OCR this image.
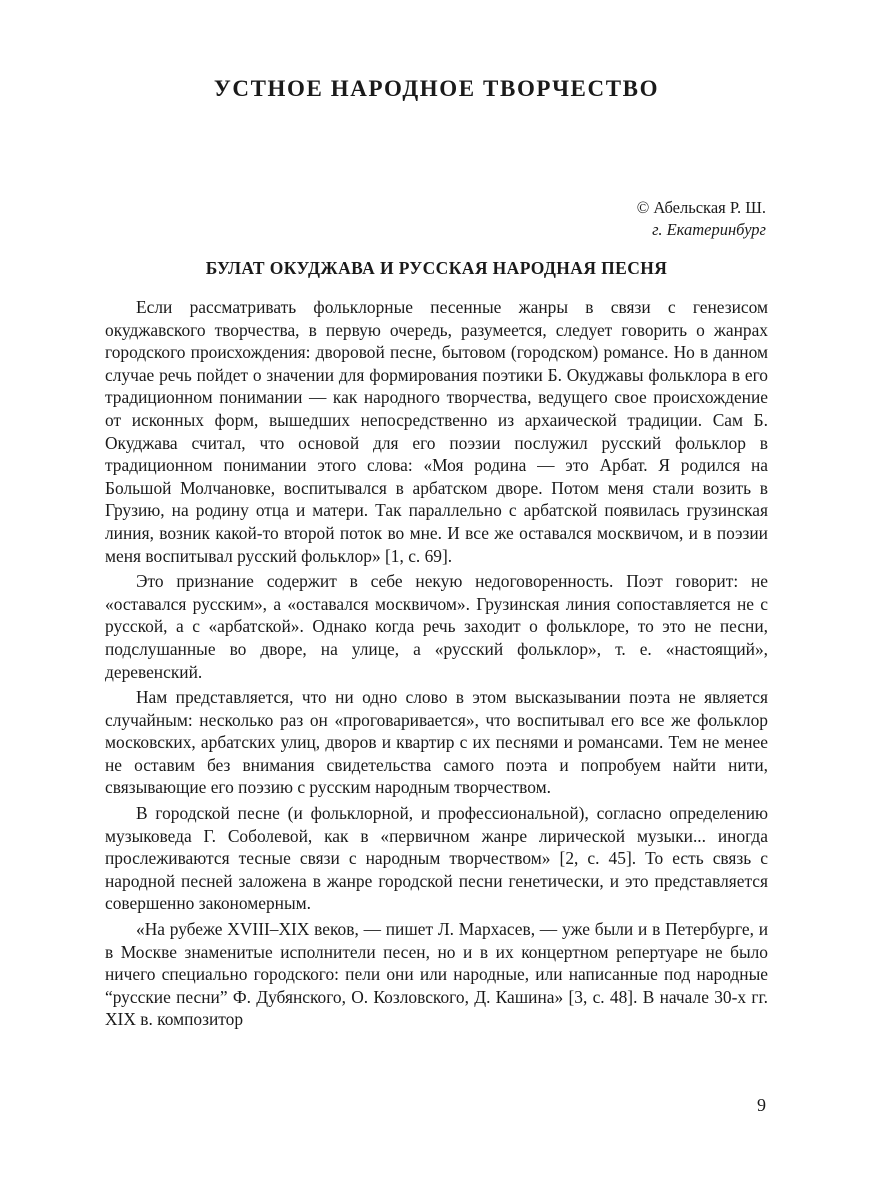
УСТНОЕ НАРОДНОЕ ТВОРЧЕСТВО
© Абельская Р. Ш.
г. Екатеринбург
БУЛАТ ОКУДЖАВА И РУССКАЯ НАРОДНАЯ ПЕСНЯ

Если рассматривать фольклорные песенные жанры в связи с генезисом окуджавского творчества, в первую очередь, разумеется, следует говорить о жанрах городского происхождения: дворовой песне, бытовом (городском) романсе. Но в данном случае речь пойдет о значении для формирования поэтики Б. Окуджавы фольклора в его традиционном понимании — как народного творчества, ведущего свое происхождение от исконных форм, вышедших непосредственно из архаической традиции. Сам Б. Окуджава считал, что основой для его поэзии послужил русский фольклор в традиционном понимании этого слова: «Моя родина — это Арбат. Я родился на Большой Молчановке, воспитывался в арбатском дворе. Потом меня стали возить в Грузию, на родину отца и матери. Так параллельно с арбатской появилась грузинская линия, возник какой-то второй поток во мне. И все же оставался москвичом, и в поэзии меня воспитывал русский фольклор» [1, с. 69].

Это признание содержит в себе некую недоговоренность. Поэт говорит: не «оставался русским», а «оставался москвичом». Грузинская линия сопоставляется не с русской, а с «арбатской». Однако когда речь заходит о фольклоре, то это не песни, подслушанные во дворе, на улице, а «русский фольклор», т. е. «настоящий», деревенский.

Нам представляется, что ни одно слово в этом высказывании поэта не является случайным: несколько раз он «проговаривается», что воспитывал его все же фольклор московских, арбатских улиц, дворов и квартир с их песнями и романсами. Тем не менее не оставим без внимания свидетельства самого поэта и попробуем найти нити, связывающие его поэзию с русским народным творчеством.

В городской песне (и фольклорной, и профессиональной), согласно определению музыковеда Г. Соболевой, как в «первичном жанре лирической музыки... иногда прослеживаются тесные связи с народным творчеством» [2, с. 45]. То есть связь с народной песней заложена в жанре городской песни генетически, и это представляется совершенно закономерным.

«На рубеже XVIII–XIX веков, — пишет Л. Мархасев, — уже были и в Петербурге, и в Москве знаменитые исполнители песен, но и в их концертном репертуаре не было ничего специально городского: пели они или народные, или написанные под народные “русские песни” Ф. Дубянского, О. Козловского, Д. Кашина» [3, с. 48]. В начале 30-х гг. XIX в. композитор

9
